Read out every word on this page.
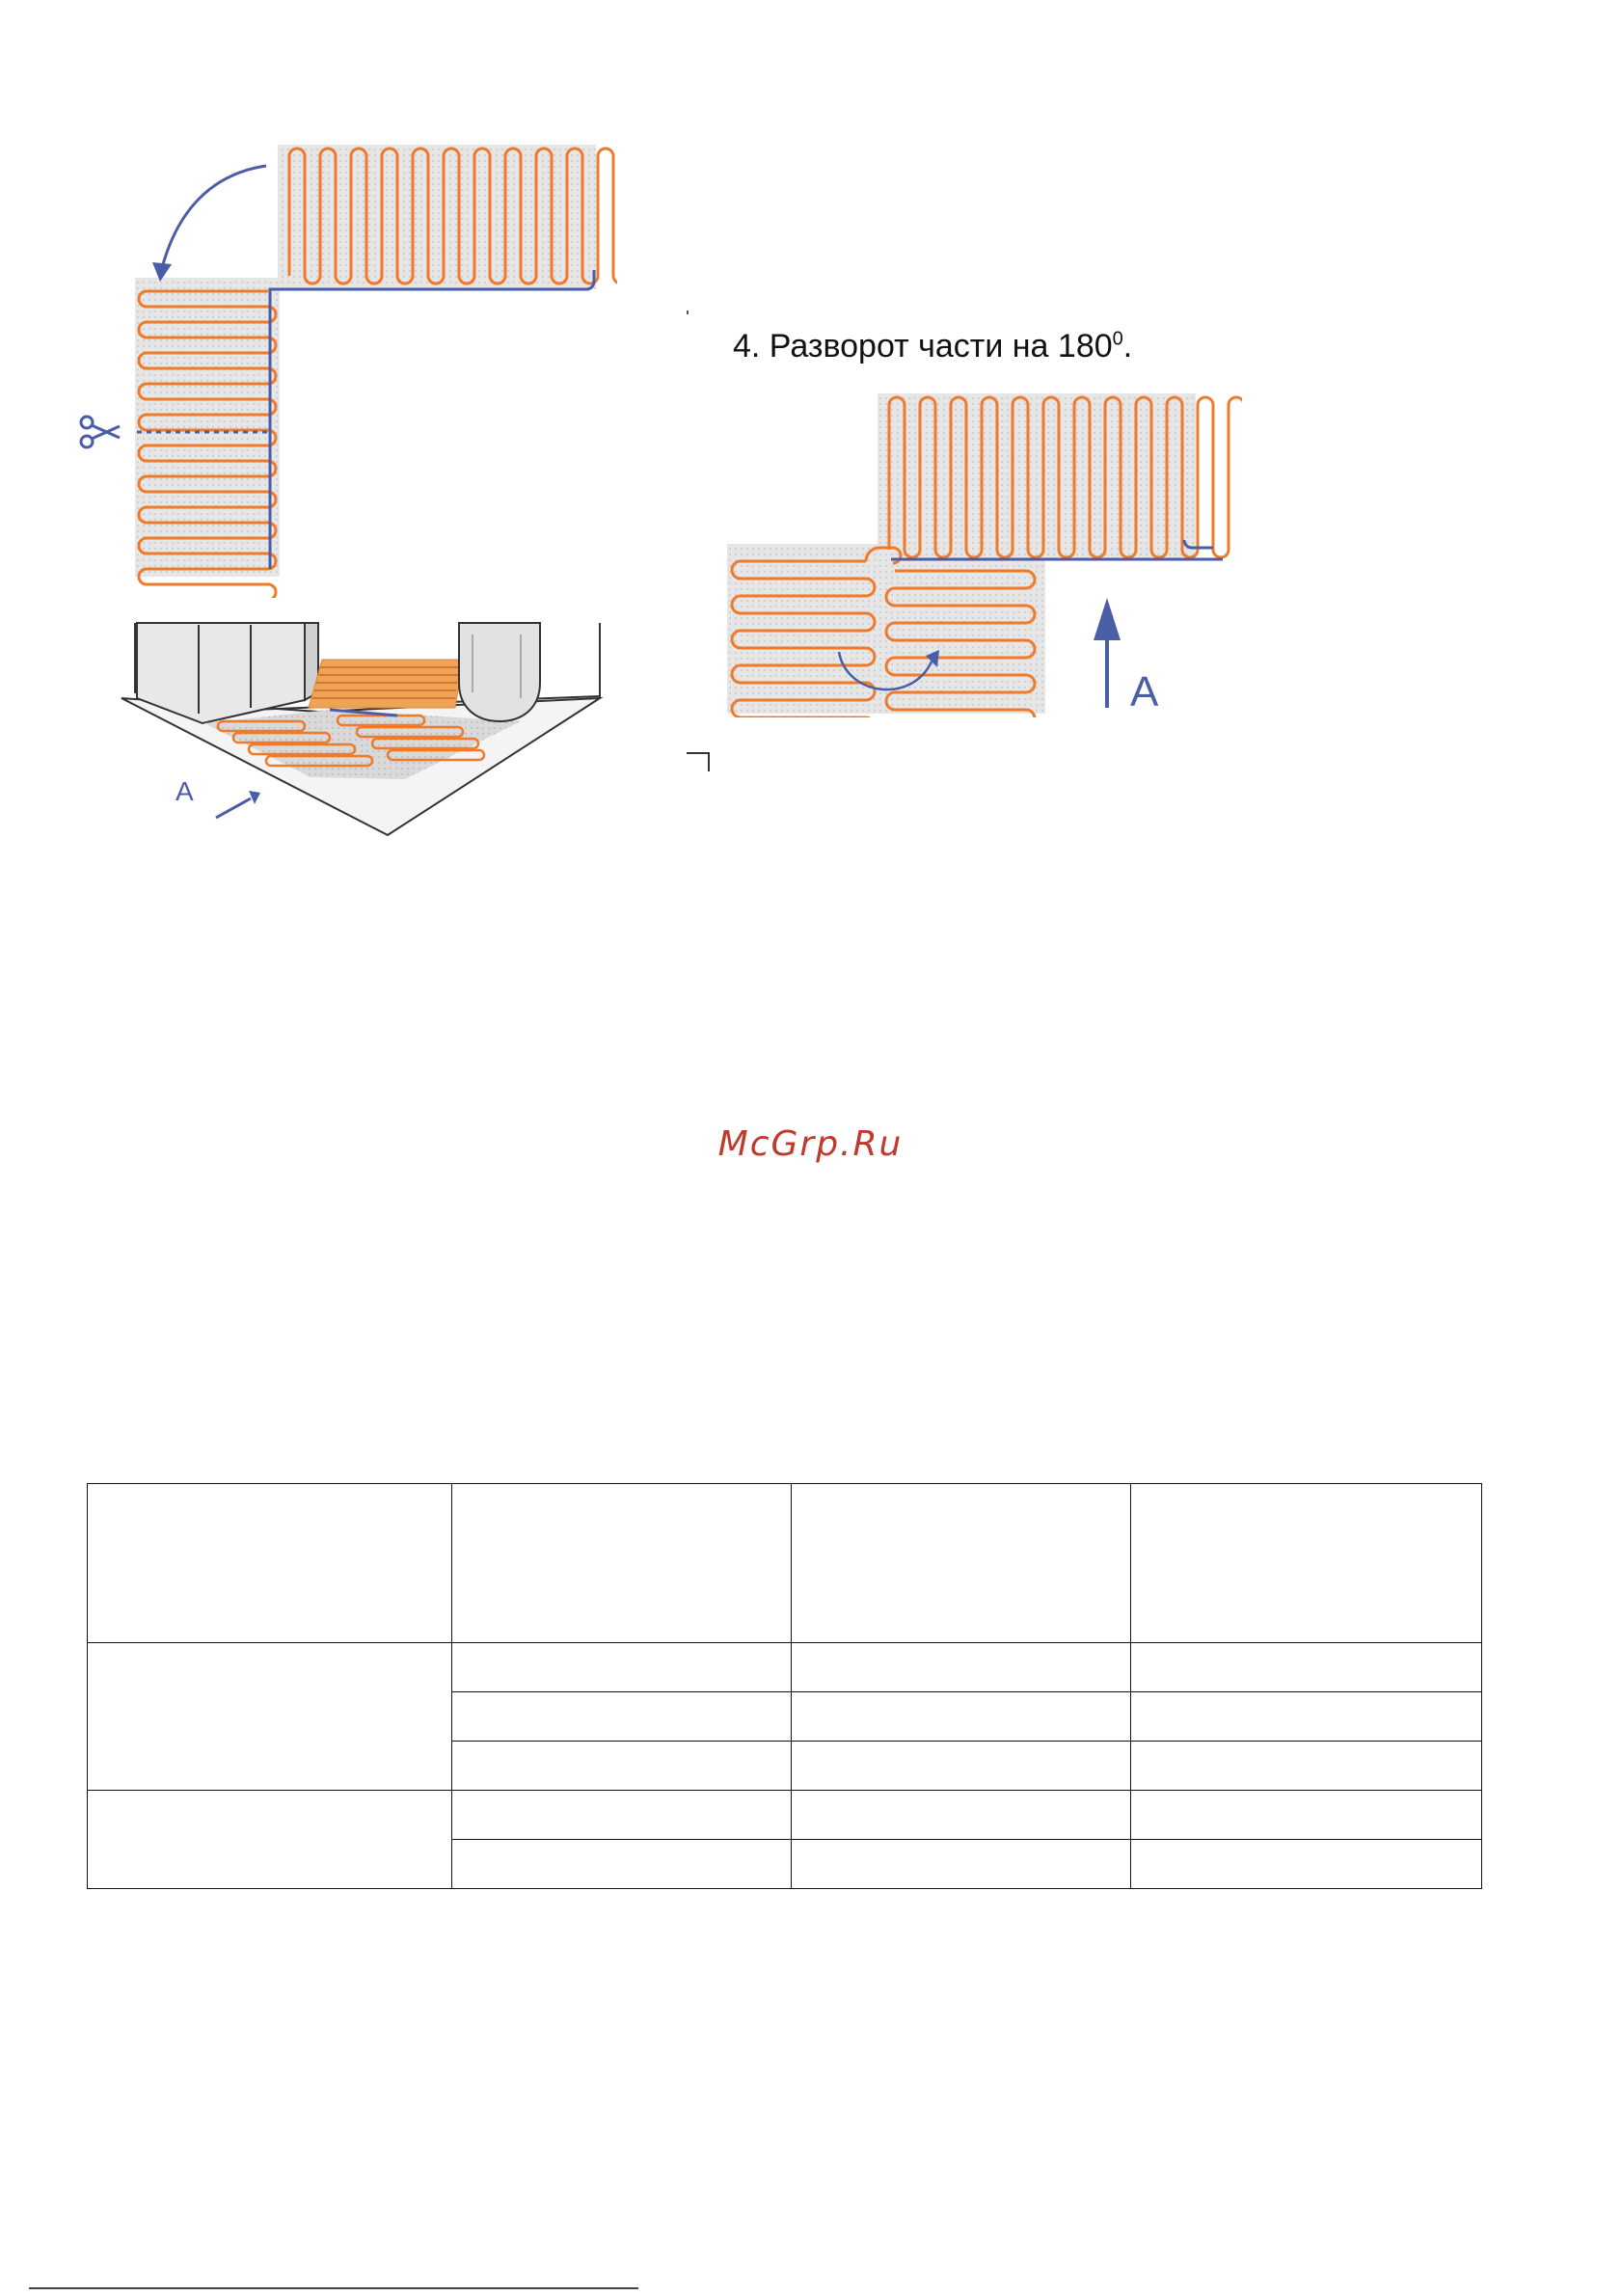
A
4. Разворот части на $180^0$.
A
McGrp.Ru
